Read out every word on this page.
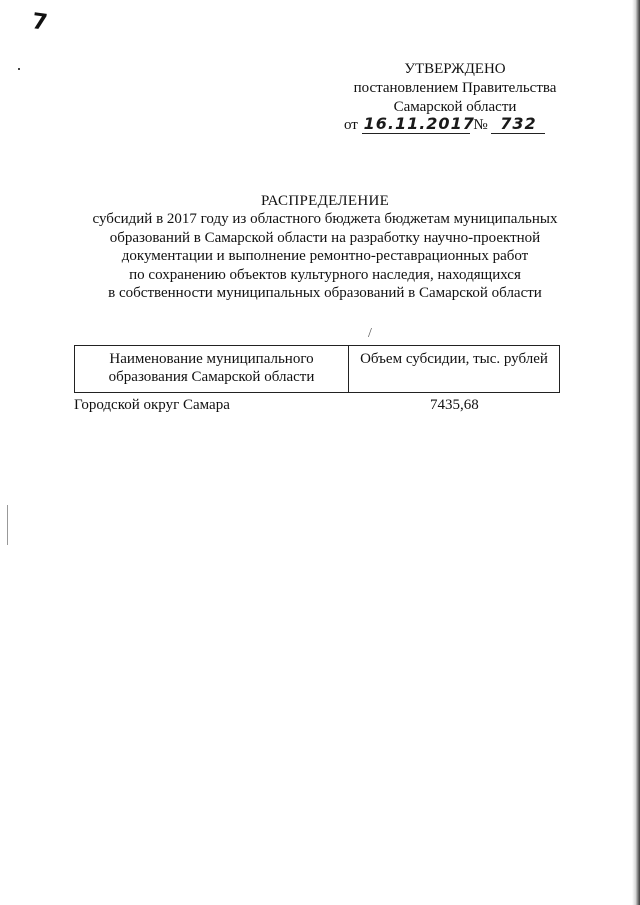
7
УТВЕРЖДЕНО
постановлением Правительства
Самарской области
от 16.11.2017 № 732
РАСПРЕДЕЛЕНИЕ
субсидий в 2017 году из областного бюджета бюджетам муниципальных
образований в Самарской области на разработку научно-проектной
документации и выполнение ремонтно-реставрационных работ
по сохранению объектов культурного наследия, находящихся
в собственности муниципальных образований в Самарской области
/
Наименование муниципального
образования Самарской области
Объем субсидии, тыс. рублей
Городской округ Самара	7435,68
